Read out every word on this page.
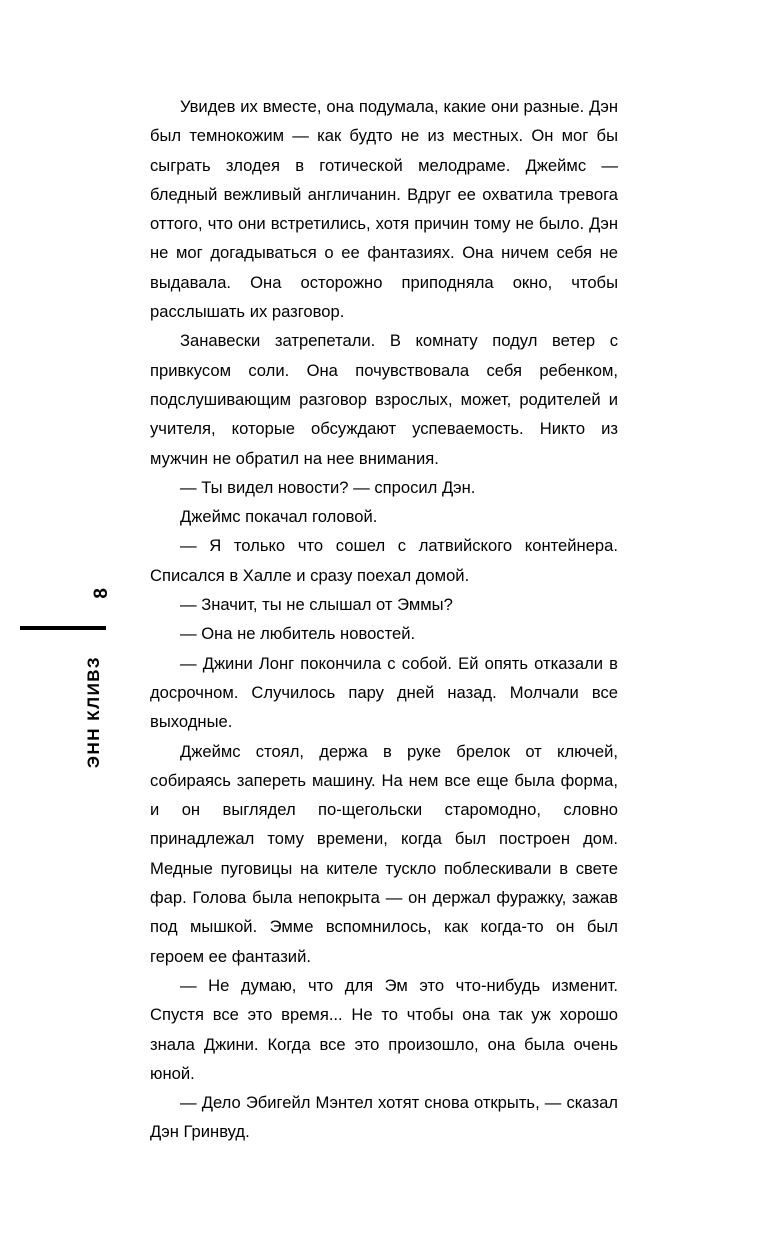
8
ЭНН КЛИВЗ

Увидев их вместе, она подумала, какие они разные. Дэн был темнокожим — как будто не из местных. Он мог бы сыграть злодея в готической мелодраме. Джеймс — бледный вежливый англичанин. Вдруг ее охватила тревога оттого, что они встретились, хотя причин тому не было. Дэн не мог догадываться о ее фантазиях. Она ничем себя не выдавала. Она осторожно приподняла окно, чтобы расслышать их разговор.

Занавески затрепетали. В комнату подул ветер с привкусом соли. Она почувствовала себя ребенком, подслушивающим разговор взрослых, может, родителей и учителя, которые обсуждают успеваемость. Никто из мужчин не обратил на нее внимания.

— Ты видел новости? — спросил Дэн.

Джеймс покачал головой.

— Я только что сошел с латвийского контейнера. Списался в Халле и сразу поехал домой.

— Значит, ты не слышал от Эммы?

— Она не любитель новостей.

— Джини Лонг покончила с собой. Ей опять отказали в досрочном. Случилось пару дней назад. Молчали все выходные.

Джеймс стоял, держа в руке брелок от ключей, собираясь запереть машину. На нем все еще была форма, и он выглядел по-щегольски старомодно, словно принадлежал тому времени, когда был построен дом. Медные пуговицы на кителе тускло поблескивали в свете фар. Голова была непокрыта — он держал фуражку, зажав под мышкой. Эмме вспомнилось, как когда-то он был героем ее фантазий.

— Не думаю, что для Эм это что-нибудь изменит. Спустя все это время... Не то чтобы она так уж хорошо знала Джини. Когда все это произошло, она была очень юной.

— Дело Эбигейл Мэнтел хотят снова открыть, — сказал Дэн Гринвуд.
